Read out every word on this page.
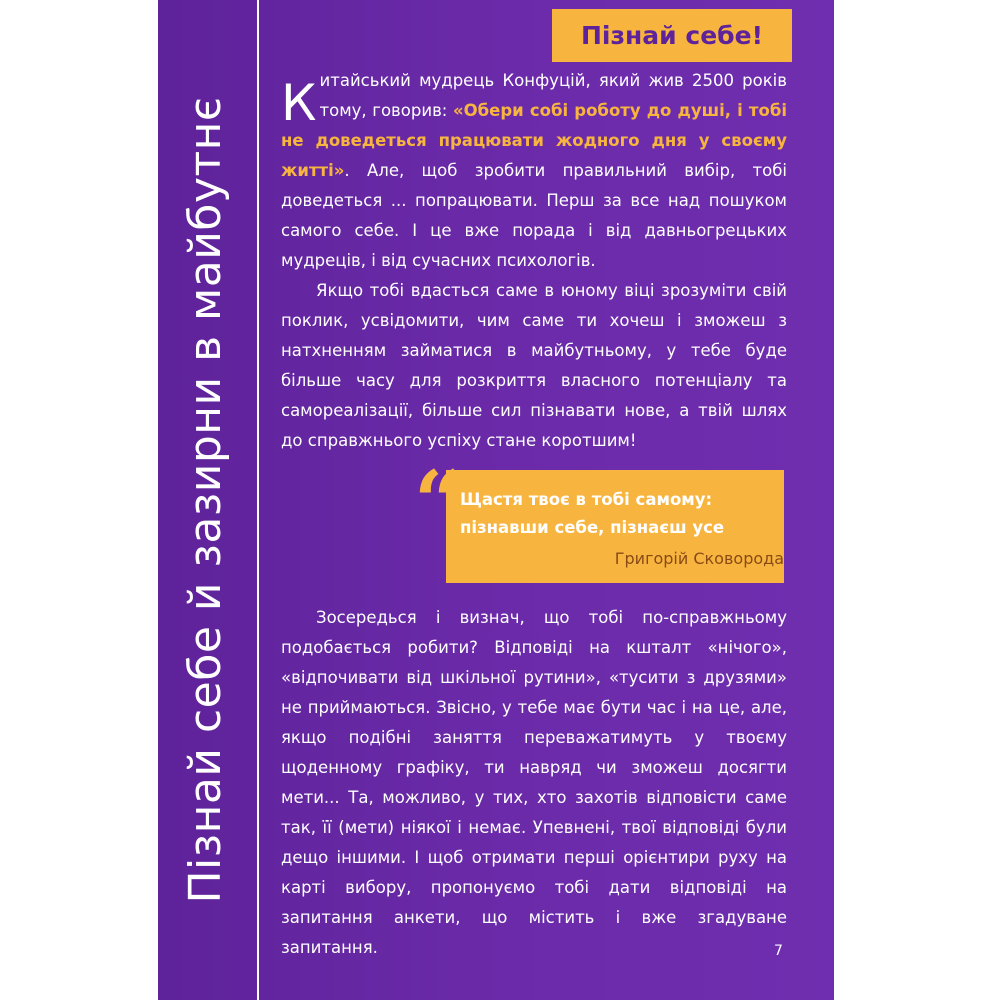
Пізнай себе й зазирни в майбутнє
Пізнай себе!

Китайський мудрець Конфуцій, який жив 2500 років тому, говорив: «Обери собі роботу до душі, і тобі не доведеться працювати жодного дня у своєму житті». Але, щоб зробити правильний вибір, тобі доведеться ... попрацювати. Перш за все над пошуком самого себе. І це вже порада і від давньогрецьких мудреців, і від сучасних психологів.

Якщо тобі вдасться саме в юному віці зрозуміти свій поклик, усвідомити, чим саме ти хочеш і зможеш з натхненням займатися в майбутньому, у тебе буде більше часу для розкриття власного потенціалу та самореалізації, більше сил пізнавати нове, а твій шлях до справжнього успіху стане коротшим!

“
Щастя твоє в тобі самому:
пізнавши себе, пізнаєш усе
Григорій Сковорода

Зосередься і визнач, що тобі по-справжньому подобається робити? Відповіді на кшталт «нічого», «відпочивати від шкільної рутини», «тусити з друзями» не приймаються. Звісно, у тебе має бути час і на це, але, якщо подібні заняття переважатимуть у твоєму щоденному графіку, ти навряд чи зможеш досягти мети... Та, можливо, у тих, хто захотів відповісти саме так, її (мети) ніякої і немає. Упевнені, твої відповіді були дещо іншими. І щоб отримати перші орієнтири руху на карті вибору, пропонуємо тобі дати відповіді на запитання анкети, що містить і вже згадуване запитання.	7
